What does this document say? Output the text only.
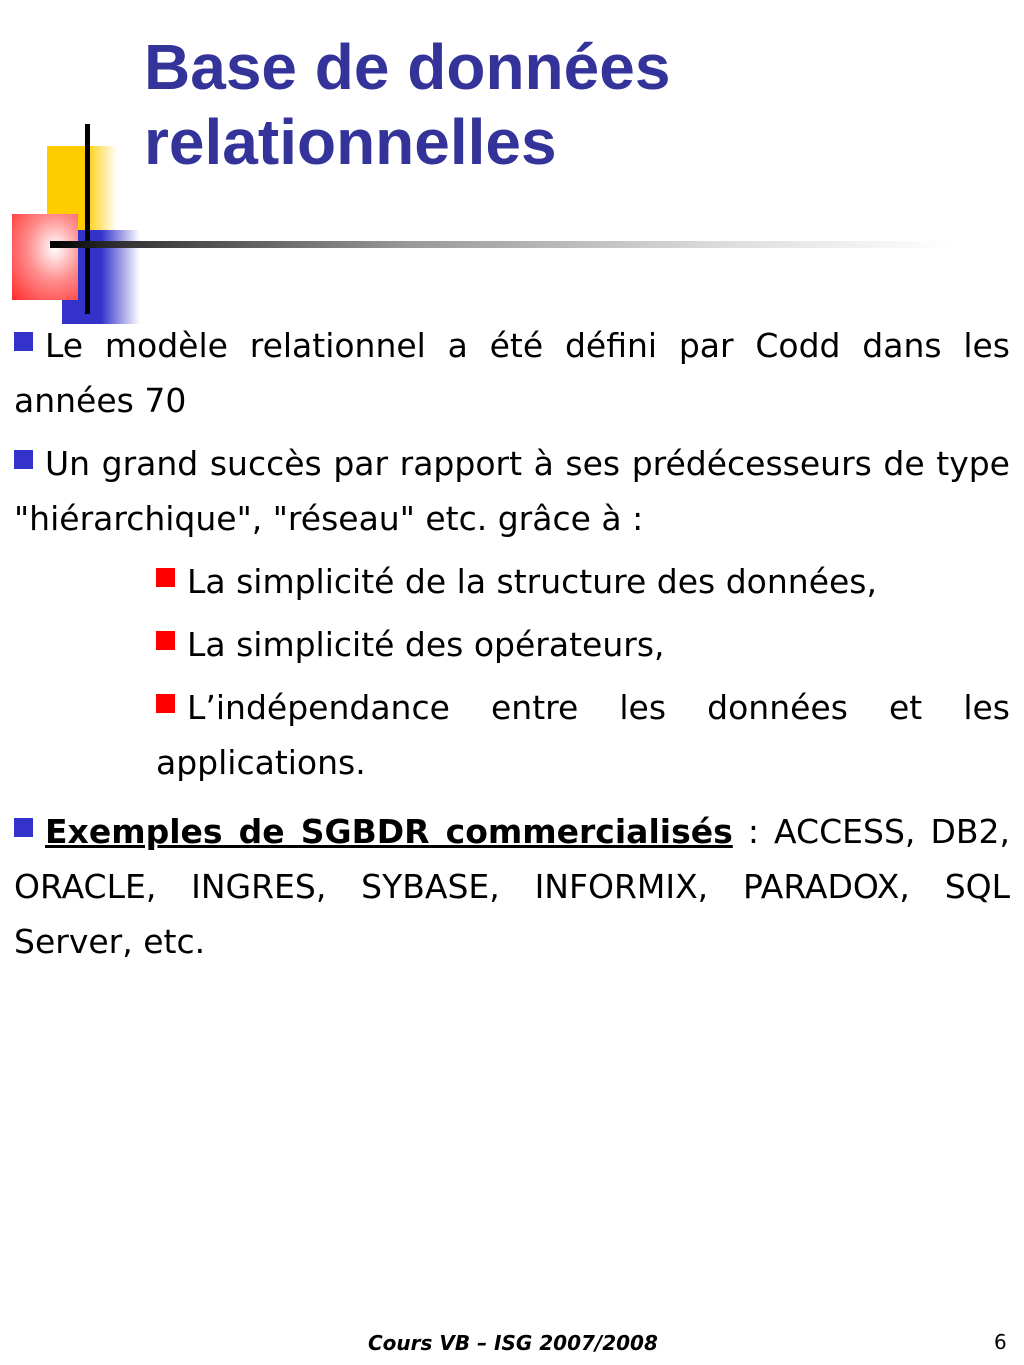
Base de données
relationnelles

Le modèle relationnel a été défini par Codd dans les années 70

Un grand succès par rapport à ses prédécesseurs de type "hiérarchique", "réseau" etc. grâce à :

La simplicité de la structure des données,

La simplicité des opérateurs,

L’indépendance entre les données et les applications.

Exemples de SGBDR commercialisés : ACCESS, DB2, ORACLE, INGRES, SYBASE, INFORMIX, PARADOX, SQL Server, etc.

Cours VB – ISG 2007/2008	6
